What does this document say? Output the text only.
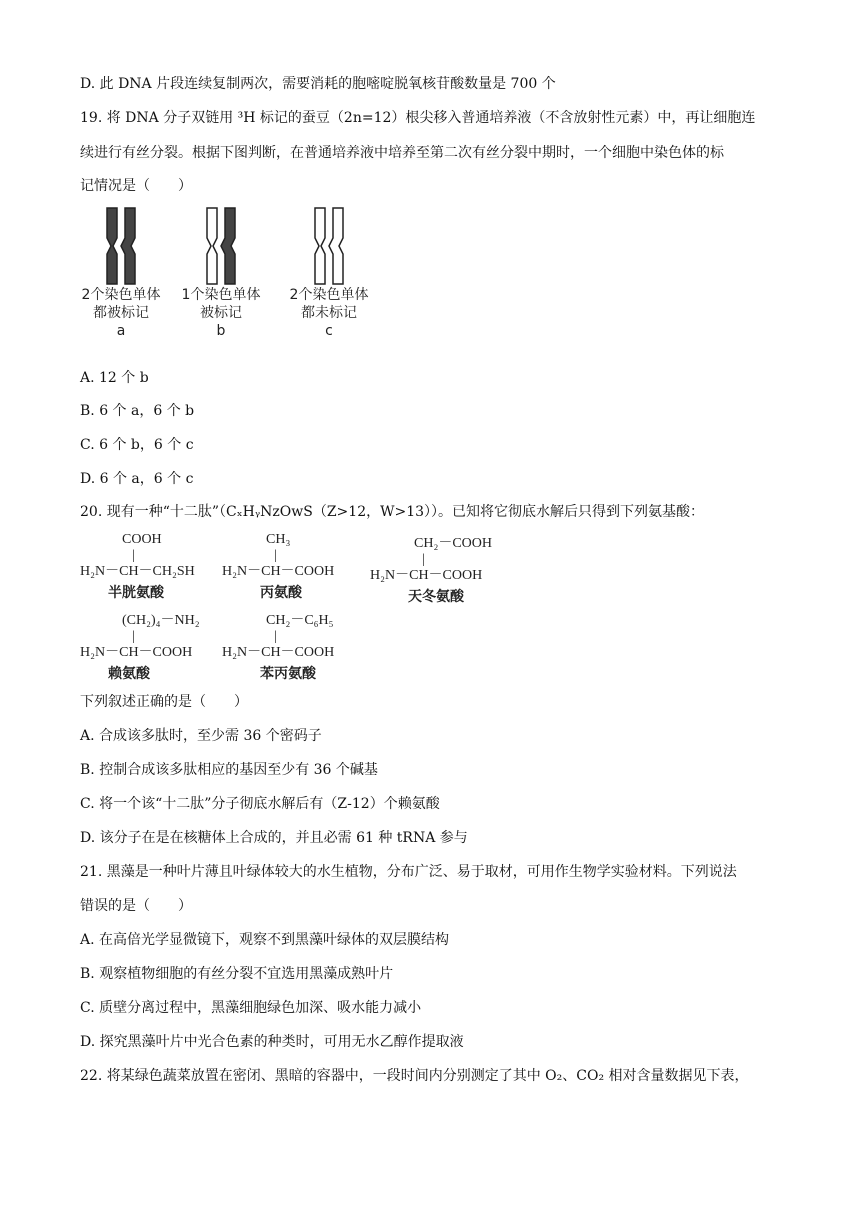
D. 此 DNA 片段连续复制两次，需要消耗的胞嘧啶脱氧核苷酸数量是 700 个
19. 将 DNA 分子双链用 ³H 标记的蚕豆（2n=12）根尖移入普通培养液（不含放射性元素）中，再让细胞连
续进行有丝分裂。根据下图判断，在普通培养液中培养至第二次有丝分裂中期时，一个细胞中染色体的标
记情况是（　　）
2个染色单体
都被标记
a
1个染色单体
被标记
b
2个染色单体
都未标记
c
A. 12 个 b
B. 6 个 a，6 个 b
C. 6 个 b，6 个 c
D. 6 个 a，6 个 c
20. 现有一种“十二肽”（CₓHᵧNzOwS（Z>12，W>13））。已知将它彻底水解后只得到下列氨基酸：
COOH
|
H₂N－CH－CH₂SH
半胱氨酸
CH₃
|
H₂N－CH－COOH
丙氨酸
CH₂－COOH
|
H₂N－CH－COOH
天冬氨酸
(CH₂)₄－NH₂
|
H₂N－CH－COOH
赖氨酸
CH₂－C₆H₅
|
H₂N－CH－COOH
苯丙氨酸
下列叙述正确的是（　　）
A. 合成该多肽时，至少需 36 个密码子
B. 控制合成该多肽相应的基因至少有 36 个碱基
C. 将一个该“十二肽”分子彻底水解后有（Z-12）个赖氨酸
D. 该分子在是在核糖体上合成的，并且必需 61 种 tRNA 参与
21. 黑藻是一种叶片薄且叶绿体较大的水生植物，分布广泛、易于取材，可用作生物学实验材料。下列说法
错误的是（　　）
A. 在高倍光学显微镜下，观察不到黑藻叶绿体的双层膜结构
B. 观察植物细胞的有丝分裂不宜选用黑藻成熟叶片
C. 质壁分离过程中，黑藻细胞绿色加深、吸水能力减小
D. 探究黑藻叶片中光合色素的种类时，可用无水乙醇作提取液
22. 将某绿色蔬菜放置在密闭、黑暗的容器中，一段时间内分别测定了其中 O₂、CO₂ 相对含量数据见下表，
